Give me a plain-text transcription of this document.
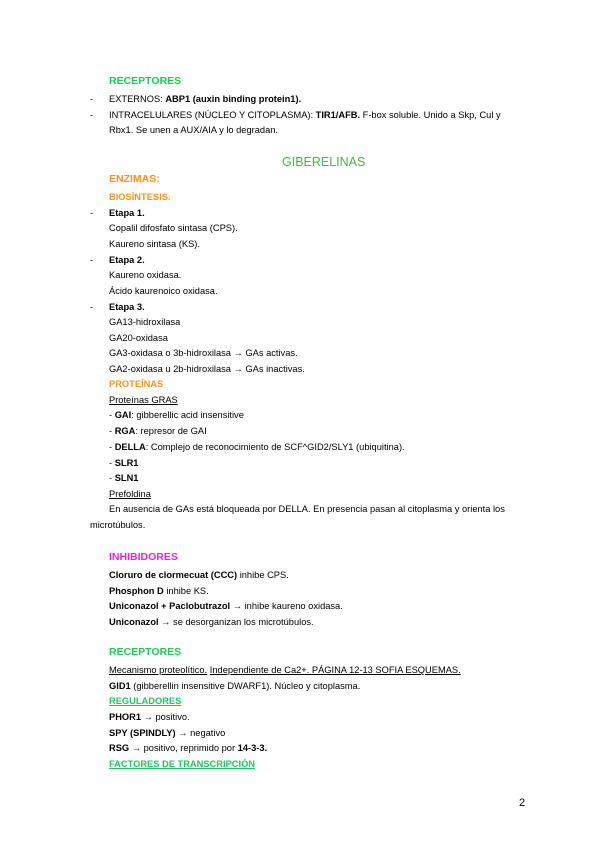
RECEPTORES
- EXTERNOS: ABP1 (auxin binding protein1).
- INTRACELULARES (NÚCLEO Y CITOPLASMA): TIR1/AFB. F-box soluble. Unido a Skp, Cul y
Rbx1. Se unen a AUX/AIA y lo degradan.
GIBERELINAS
ENZIMAS:
BIOSÍNTESIS.
- Etapa 1.
Copalil difosfato sintasa (CPS).
Kaureno sintasa (KS).
- Etapa 2.
Kaureno oxidasa.
Ácido kaurenoico oxidasa.
- Etapa 3.
GA13-hidroxilasa
GA20-oxidasa
GA3-oxidasa o 3b-hidroxilasa → GAs activas.
GA2-oxidasa u 2b-hidroxilasa → GAs inactivas.
PROTEÍNAS
Proteínas GRAS
- GAI: gibberellic acid insensitive
- RGA: represor de GAI
- DELLA: Complejo de reconocimiento de SCF^GID2/SLY1 (ubiquitina).
- SLR1
- SLN1
Prefoldina
En ausencia de GAs está bloqueada por DELLA. En presencia pasan al citoplasma y orienta los
microtúbulos.
INHIBIDORES
Cloruro de clormecuat (CCC) inhibe CPS.
Phosphon D inhibe KS.
Uniconazol + Paclobutrazol → inhibe kaureno oxidasa.
Uniconazol → se desorganizan los microtúbulos.
RECEPTORES
Mecanismo proteolítico. Independiente de Ca2+. PÁGINA 12-13 SOFIA ESQUEMAS.
GID1 (gibberellin insensitive DWARF1). Núcleo y citoplasma.
REGULADORES
PHOR1 → positivo.
SPY (SPINDLY) → negativo
RSG → positivo, reprimido por 14-3-3.
FACTORES DE TRANSCRIPCIÓN
2
